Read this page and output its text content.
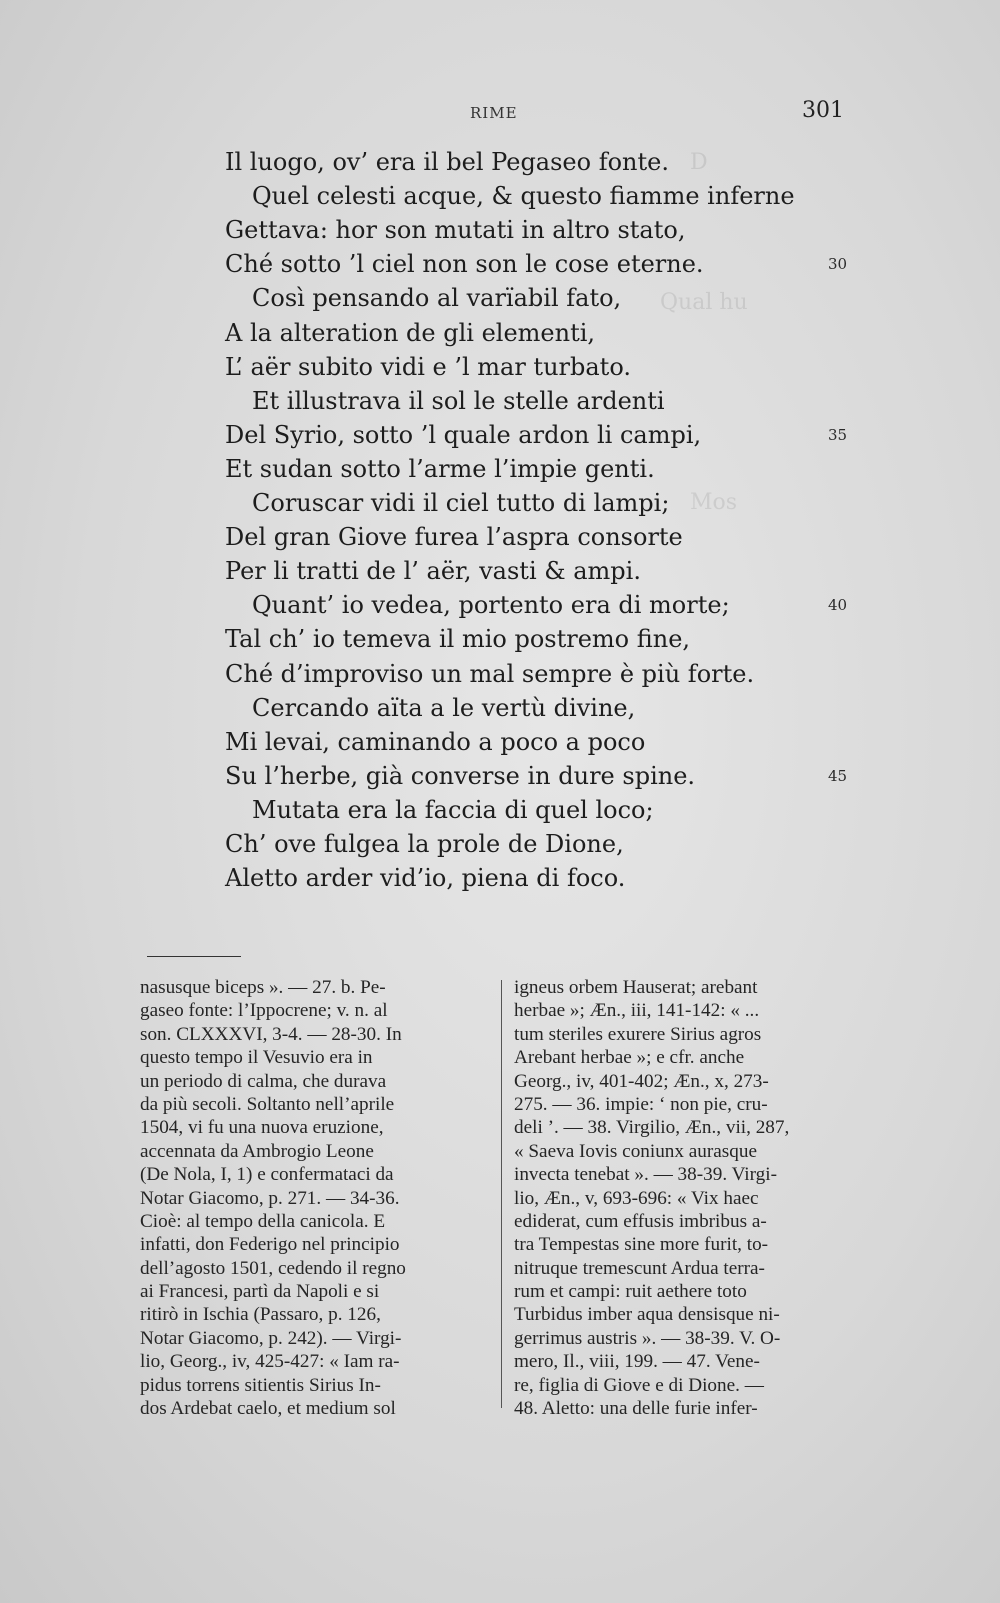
D
Qual hu
Mos
RIME	301
Il luogo, ov’ era il bel Pegaseo fonte.
Quel celesti acque, & questo fiamme inferne
Gettava: hor son mutati in altro stato,
Ché sotto ’l ciel non son le cose eterne.	30
Così pensando al varïabil fato,
A la alteration de gli elementi,
L’ aër subito vidi e ’l mar turbato.
Et illustrava il sol le stelle ardenti
Del Syrio, sotto ’l quale ardon li campi,	35
Et sudan sotto l’arme l’impie genti.
Coruscar vidi il ciel tutto di lampi;
Del gran Giove furea l’aspra consorte
Per li tratti de l’ aër, vasti & ampi.
Quant’ io vedea, portento era di morte;	40
Tal ch’ io temeva il mio postremo fine,
Ché d’improviso un mal sempre è più forte.
Cercando aïta a le vertù divine,
Mi levai, caminando a poco a poco
Su l’herbe, già converse in dure spine.	45
Mutata era la faccia di quel loco;
Ch’ ove fulgea la prole de Dione,
Aletto arder vid’io, piena di foco.
nasusque biceps ». — 27. b. Pe-
gaseo fonte: l’Ippocrene; v. n. al
son. CLXXXVI, 3-4. — 28-30. In
questo tempo il Vesuvio era in
un periodo di calma, che durava
da più secoli. Soltanto nell’aprile
1504, vi fu una nuova eruzione,
accennata da Ambrogio Leone
(De Nola, I, 1) e confermataci da
Notar Giacomo, p. 271. — 34-36.
Cioè: al tempo della canicola. E
infatti, don Federigo nel principio
dell’agosto 1501, cedendo il regno
ai Francesi, partì da Napoli e si
ritirò in Ischia (Passaro, p. 126,
Notar Giacomo, p. 242). — Virgi-
lio, Georg., iv, 425-427: « Iam ra-
pidus torrens sitientis Sirius In-
dos Ardebat caelo, et medium sol
igneus orbem Hauserat; arebant
herbae »; Æn., iii, 141-142: « ...
tum steriles exurere Sirius agros
Arebant herbae »; e cfr. anche
Georg., iv, 401-402; Æn., x, 273-
275. — 36. impie: ‘ non pie, cru-
deli ’. — 38. Virgilio, Æn., vii, 287,
« Saeva Iovis coniunx aurasque
invecta tenebat ». — 38-39. Virgi-
lio, Æn., v, 693-696: « Vix haec
ediderat, cum effusis imbribus a-
tra Tempestas sine more furit, to-
nitruque tremescunt Ardua terra-
rum et campi: ruit aethere toto
Turbidus imber aqua densisque ni-
gerrimus austris ». — 38-39. V. O-
mero, Il., viii, 199. — 47. Vene-
re, figlia di Giove e di Dione. —
48. Aletto: una delle furie infer-
